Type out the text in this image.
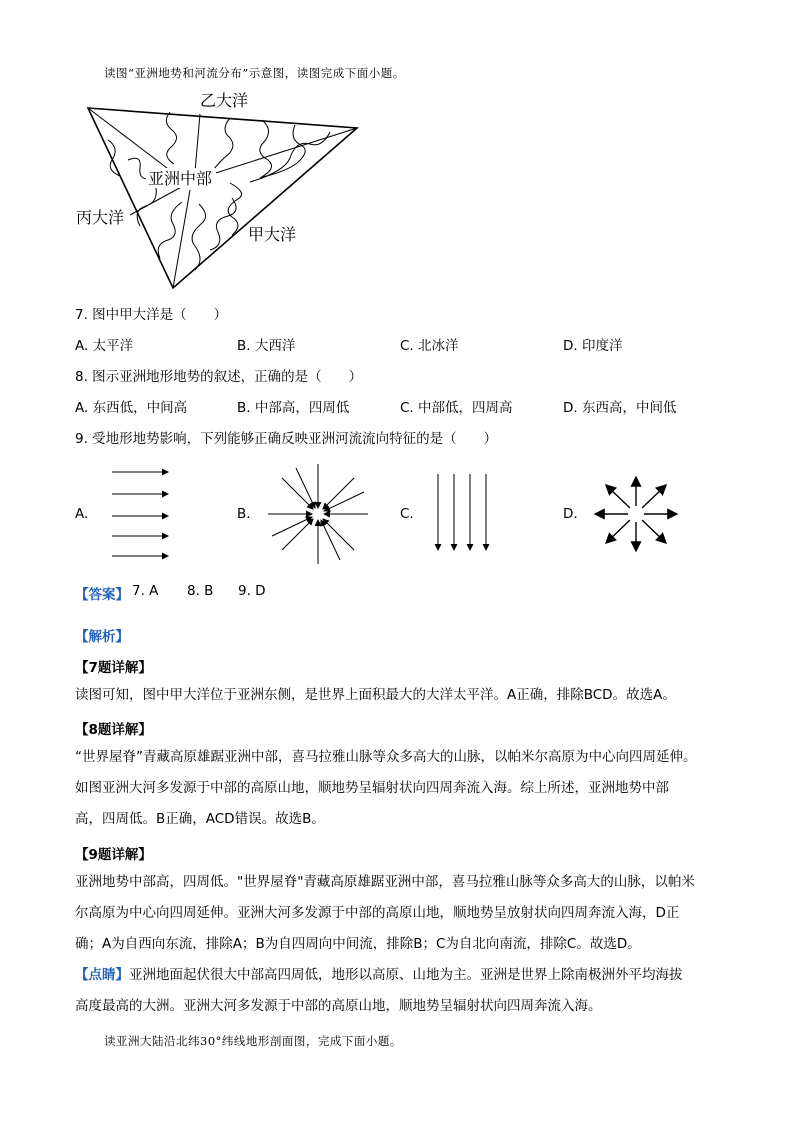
读图“亚洲地势和河流分布”示意图，读图完成下面小题。
乙大洋
丙大洋
甲大洋
亚洲中部
7. 图中甲大洋是（　　）
A. 太平洋	B. 大西洋	C. 北冰洋	D. 印度洋
8. 图示亚洲地形地势的叙述，正确的是（　　）
A. 东西低，中间高	B. 中部高，四周低	C. 中部低，四周高	D. 东西高，中间低
9. 受地形地势影响，下列能够正确反映亚洲河流流向特征的是（　　）
A.	B.	C.	D.
【答案】 7. A 8. B 9. D
【解析】
【7题详解】
读图可知，图中甲大洋位于亚洲东侧，是世界上面积最大的大洋太平洋。A正确，排除BCD。故选A。
【8题详解】
“世界屋脊”青藏高原雄踞亚洲中部，喜马拉雅山脉等众多高大的山脉，以帕米尔高原为中心向四周延伸。
如图亚洲大河多发源于中部的高原山地，顺地势呈辐射状向四周奔流入海。综上所述，亚洲地势中部
高，四周低。B正确，ACD错误。故选B。
【9题详解】
亚洲地势中部高，四周低。"世界屋脊"青藏高原雄踞亚洲中部，喜马拉雅山脉等众多高大的山脉，以帕米
尔高原为中心向四周延伸。亚洲大河多发源于中部的高原山地，顺地势呈放射状向四周奔流入海，D正
确；A为自西向东流，排除A；B为自四周向中间流，排除B；C为自北向南流，排除C。故选D。
【点睛】亚洲地面起伏很大中部高四周低，地形以高原、山地为主。亚洲是世界上除南极洲外平均海拔
高度最高的大洲。亚洲大河多发源于中部的高原山地，顺地势呈辐射状向四周奔流入海。
读亚洲大陆沿北纬30°纬线地形剖面图，完成下面小题。
